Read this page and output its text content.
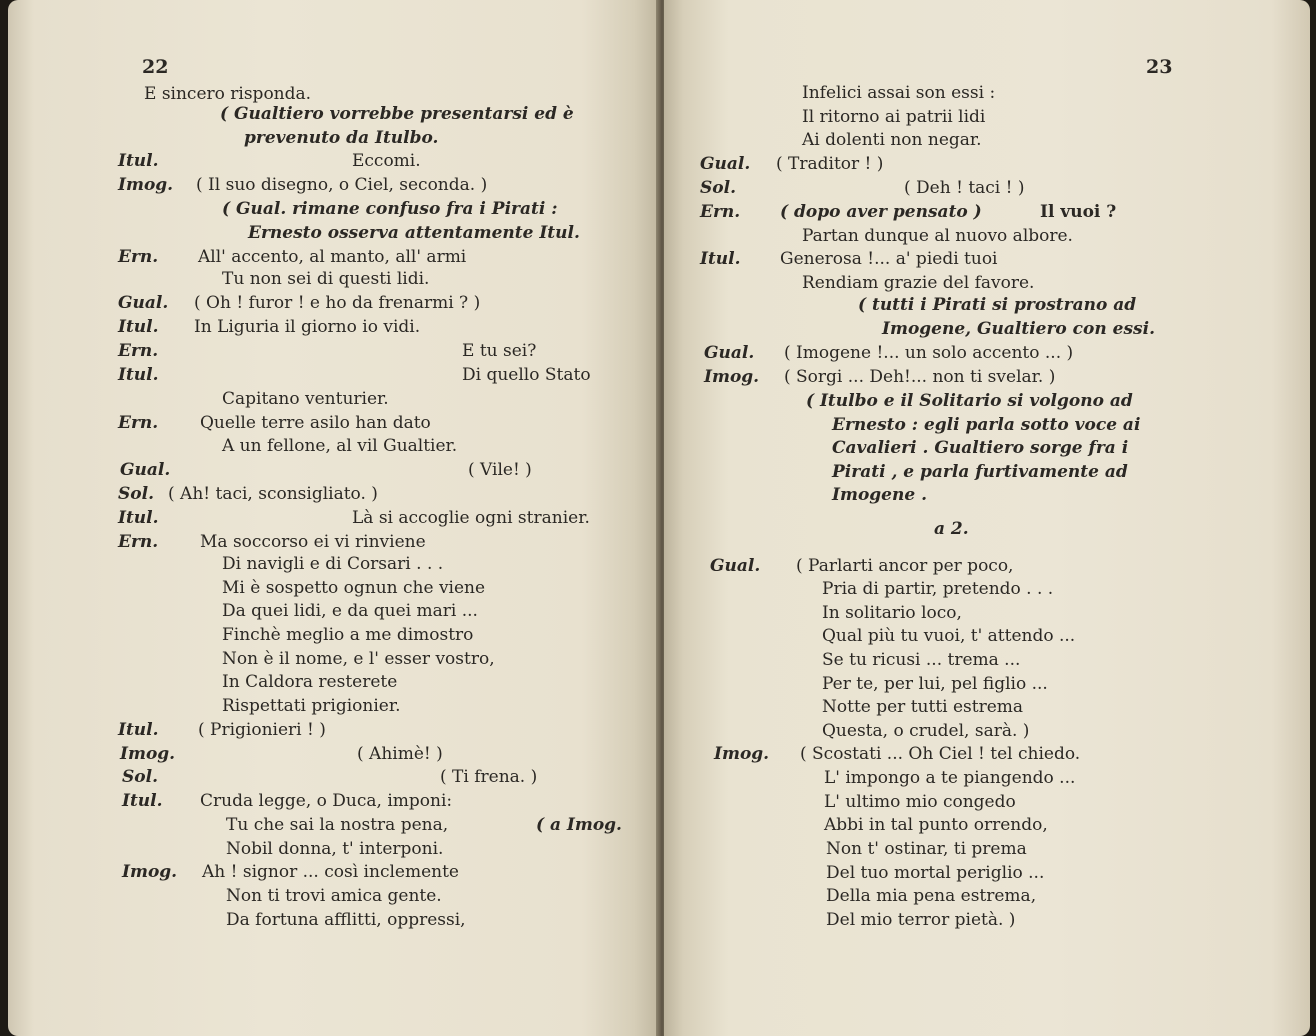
22
E sincero risponda.
( Gualtiero vorrebbe presentarsi ed è
prevenuto da Itulbo.
Itul.	Eccomi.
Imog. ( Il suo disegno, o Ciel, seconda. )
( Gual. rimane confuso fra i Pirati :
Ernesto osserva attentamente Itul.
Ern. All' accento, al manto, all' armi
Tu non sei di questi lidi.
Gual. ( Oh ! furor ! e ho da frenarmi ? )
Itul. In Liguria il giorno io vidi.
Ern.	E tu sei?
Itul.	Di quello Stato
Capitano venturier.
Ern. Quelle terre asilo han dato
A un fellone, al vil Gualtier.
Gual.	( Vile! )
Sol. ( Ah! taci, sconsigliato. )
Itul.	Là si accoglie ogni stranier.
Ern. Ma soccorso ei vi rinviene
Di navigli e di Corsari . . .
Mi è sospetto ognun che viene
Da quei lidi, e da quei mari ...
Finchè meglio a me dimostro
Non è il nome, e l' esser vostro,
In Caldora resterete
Rispettati prigionier.
Itul. ( Prigionieri ! )
Imog.	( Ahimè! )
Sol.	( Ti frena. )
Itul. Cruda legge, o Duca, imponi:
Tu che sai la nostra pena,	( a Imog.
Nobil donna, t' interponi.
Imog. Ah ! signor ... così inclemente
Non ti trovi amica gente.
Da fortuna afflitti, oppressi,
23
Infelici assai son essi :
Il ritorno ai patrii lidi
Ai dolenti non negar.
Gual. ( Traditor ! )
Sol.	( Deh ! taci ! )
Ern. ( dopo aver pensato )	Il vuoi ?
Partan dunque al nuovo albore.
Itul. Generosa !... a' piedi tuoi
Rendiam grazie del favore.
( tutti i Pirati si prostrano ad
Imogene, Gualtiero con essi.
Gual. ( Imogene !... un solo accento ... )
Imog. ( Sorgi ... Deh!... non ti svelar. )
( Itulbo e il Solitario si volgono ad
Ernesto : egli parla sotto voce ai
Cavalieri . Gualtiero sorge fra i
Pirati , e parla furtivamente ad
Imogene .
a 2.
Gual. ( Parlarti ancor per poco,
Pria di partir, pretendo . . .
In solitario loco,
Qual più tu vuoi, t' attendo ...
Se tu ricusi ... trema ...
Per te, per lui, pel figlio ...
Notte per tutti estrema
Questa, o crudel, sarà. )
Imog. ( Scostati ... Oh Ciel ! tel chiedo.
L' impongo a te piangendo ...
L' ultimo mio congedo
Abbi in tal punto orrendo,
Non t' ostinar, ti prema
Del tuo mortal periglio ...
Della mia pena estrema,
Del mio terror pietà. )
